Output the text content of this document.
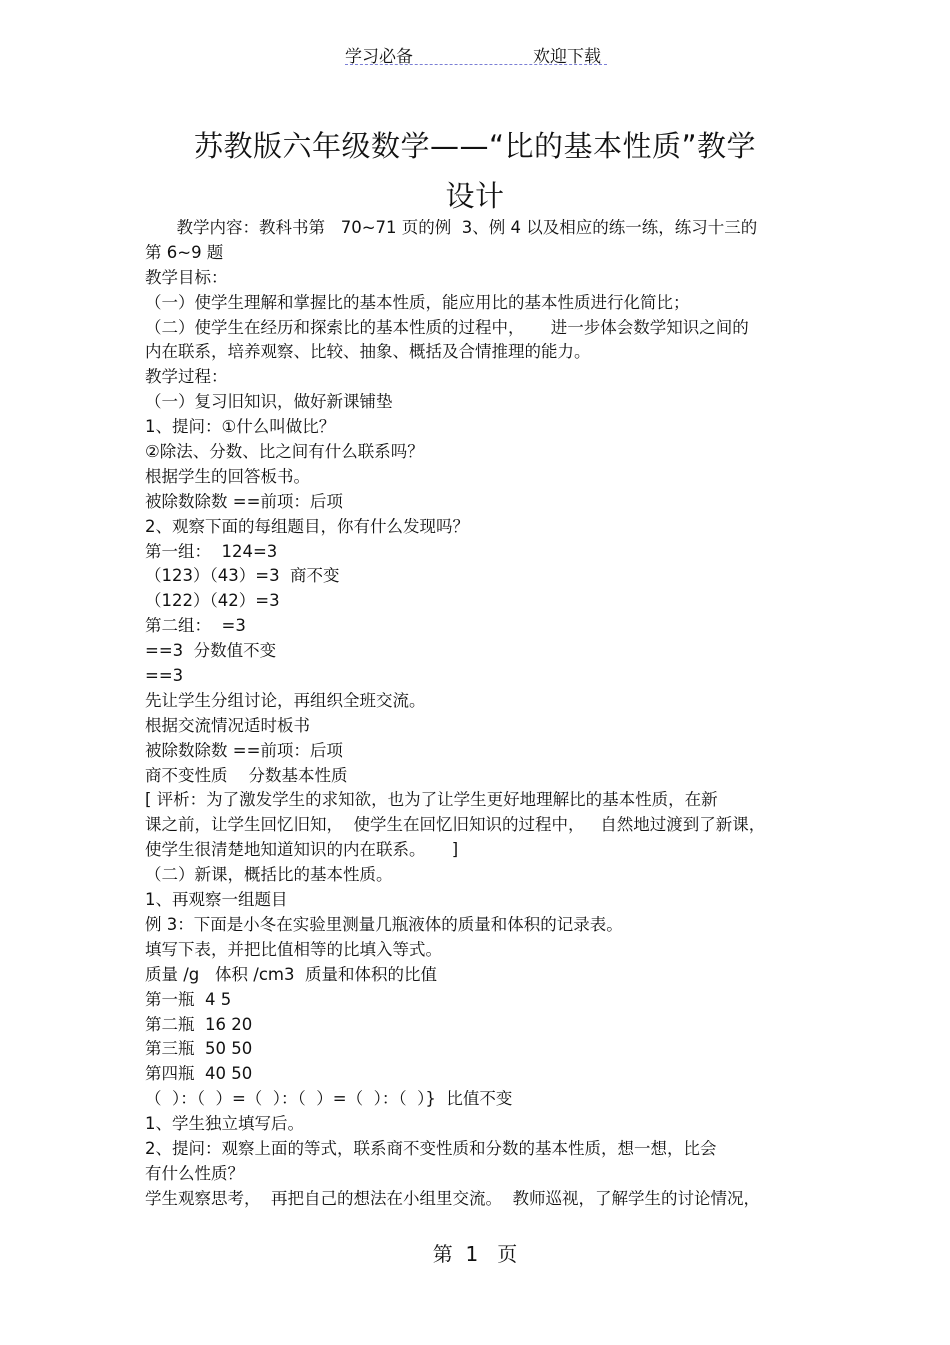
学习必备	欢迎下载
苏教版六年级数学——“比的基本性质”教学
设计

教学内容：教科书第   70~71 页的例  3、例 4 以及相应的练一练，练习十三的

第 6~9 题

教学目标：

（一）使学生理解和掌握比的基本性质，能应用比的基本性质进行化简比；

（二）使学生在经历和探索比的基本性质的过程中，     进一步体会数学知识之间的

内在联系，培养观察、比较、抽象、概括及合情推理的能力。

教学过程：

（一）复习旧知识，做好新课铺垫

1、提问：①什么叫做比？

②除法、分数、比之间有什么联系吗？

根据学生的回答板书。

被除数除数 ==前项：后项

2、观察下面的每组题目，你有什么发现吗？

第一组：  124=3

（123）（43）=3  商不变

（122）（42）=3

第二组：  =3

==3  分数值不变

==3

先让学生分组讨论，再组织全班交流。

根据交流情况适时板书

被除数除数 ==前项：后项

商不变性质    分数基本性质

[ 评析：为了激发学生的求知欲，也为了让学生更好地理解比的基本性质，在新

课之前，让学生回忆旧知，  使学生在回忆旧知识的过程中，   自然地过渡到了新课，

使学生很清楚地知道知识的内在联系。     ]

（二）新课，概括比的基本性质。

1、再观察一组题目

例 3：下面是小冬在实验里测量几瓶液体的质量和体积的记录表。

填写下表，并把比值相等的比填入等式。

质量 /g   体积 /cm3  质量和体积的比值

第一瓶  4 5

第二瓶  16 20

第三瓶  50 50

第四瓶  40 50

（  ）：（  ）=（  ）：（  ）=（  ）：（  ）}  比值不变

1、学生独立填写后。

2、提问：观察上面的等式，联系商不变性质和分数的基本性质，想一想，比会

有什么性质？

学生观察思考，  再把自己的想法在小组里交流。  教师巡视，了解学生的讨论情况，

第  1   页
